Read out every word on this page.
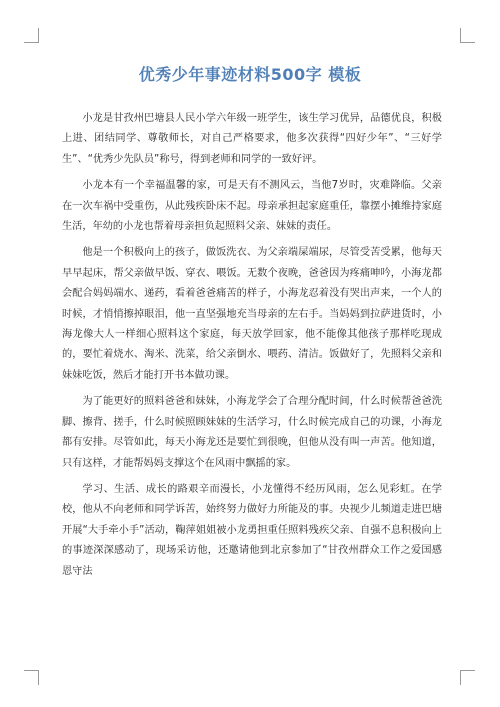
优秀少年事迹材料500字 模板

小龙是甘孜州巴塘县人民小学六年级一班学生，该生学习优异，品德优良，积极上进、团结同学、尊敬师长，对自己严格要求，他多次获得“四好少年”、“三好学生”、“优秀少先队员”称号，得到老师和同学的一致好评。

小龙本有一个幸福温馨的家，可是天有不测风云，当他7岁时，灾难降临。父亲在一次车祸中受重伤，从此残疾卧床不起。母亲承担起家庭重任，靠摆小摊维持家庭生活，年幼的小龙也帮着母亲担负起照料父亲、妹妹的责任。

他是一个积极向上的孩子，做饭洗衣、为父亲端屎端尿，尽管受苦受累，他每天早早起床，帮父亲做早饭、穿衣、喂饭。无数个夜晚，爸爸因为疼痛呻吟，小海龙都会配合妈妈端水、递药，看着爸爸痛苦的样子，小海龙忍着没有哭出声来，一个人的时候，才悄悄擦掉眼泪，他一直坚强地充当母亲的左右手。当妈妈到拉萨进货时，小海龙像大人一样细心照料这个家庭，每天放学回家，他不能像其他孩子那样吃现成的，要忙着烧水、淘米、洗菜，给父亲倒水、喂药、清洁。饭做好了，先照料父亲和妹妹吃饭，然后才能打开书本做功课。

为了能更好的照料爸爸和妹妹，小海龙学会了合理分配时间，什么时候帮爸爸洗脚、擦背、搓手，什么时候照顾妹妹的生活学习，什么时候完成自己的功课，小海龙都有安排。尽管如此，每天小海龙还是要忙到很晚，但他从没有叫一声苦。他知道，只有这样，才能帮妈妈支撑这个在风雨中飘摇的家。

学习、生活、成长的路艰辛而漫长，小龙懂得不经历风雨，怎么见彩虹。在学校，他从不向老师和同学诉苦，始终努力做好力所能及的事。央视少儿频道走进巴塘开展“大手牵小手”活动，鞠萍姐姐被小龙勇担重任照料残疾父亲、自强不息积极向上的事迹深深感动了，现场采访他，还邀请他到北京参加了“甘孜州群众工作之爱国感恩守法
